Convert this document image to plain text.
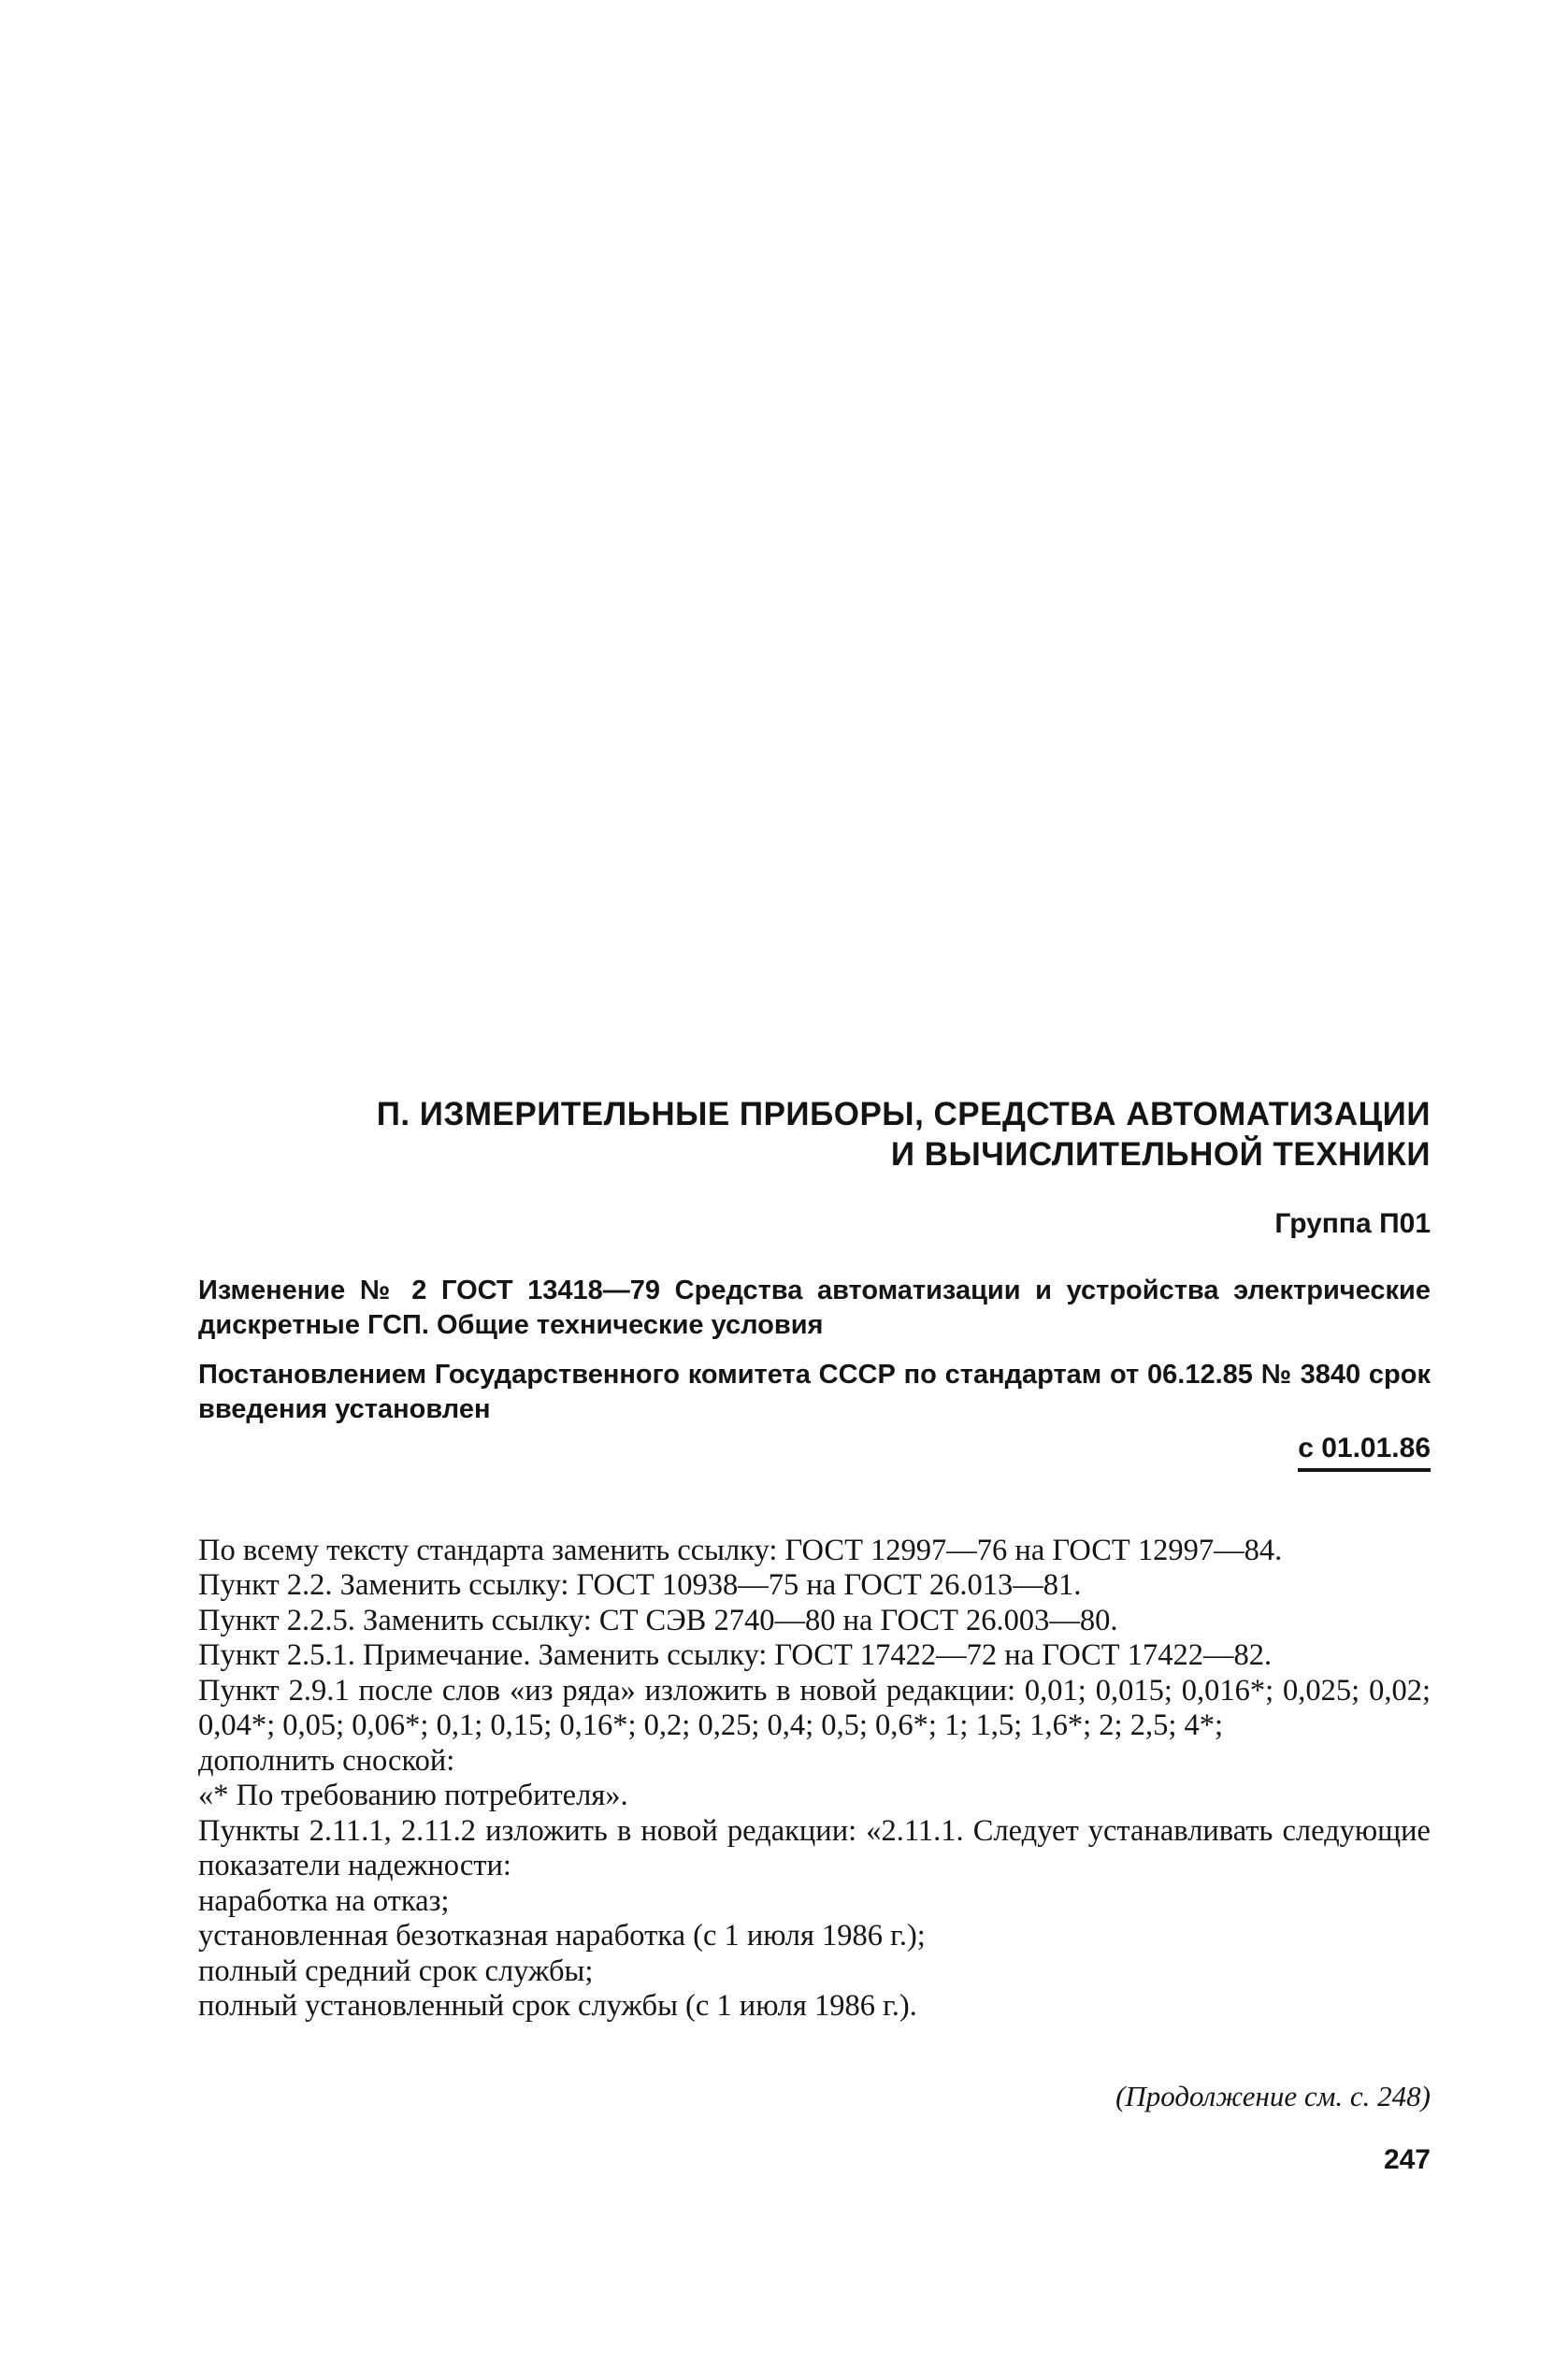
П. ИЗМЕРИТЕЛЬНЫЕ ПРИБОРЫ, СРЕДСТВА АВТОМАТИЗАЦИИ
И ВЫЧИСЛИТЕЛЬНОЙ ТЕХНИКИ
Группа П01
Изменение № 2 ГОСТ 13418—79 Средства автоматизации и устройства электрические дискретные ГСП. Общие технические условия
Постановлением Государственного комитета СССР по стандартам от 06.12.85 № 3840 срок введения установлен
с 01.01.86

По всему тексту стандарта заменить ссылку: ГОСТ 12997—76 на ГОСТ 12997—84.

Пункт 2.2. Заменить ссылку: ГОСТ 10938—75 на ГОСТ 26.013—81.

Пункт 2.2.5. Заменить ссылку: СТ СЭВ 2740—80 на ГОСТ 26.003—80.

Пункт 2.5.1. Примечание. Заменить ссылку: ГОСТ 17422—72 на ГОСТ 17422—82.

Пункт 2.9.1 после слов «из ряда» изложить в новой редакции: 0,01; 0,015; 0,016*; 0,025; 0,02; 0,04*; 0,05; 0,06*; 0,1; 0,15; 0,16*; 0,2; 0,25; 0,4; 0,5; 0,6*; 1; 1,5; 1,6*; 2; 2,5; 4*;

дополнить сноской:

«* По требованию потребителя».

Пункты 2.11.1, 2.11.2 изложить в новой редакции: «2.11.1. Следует устанавливать следующие показатели надежности:

наработка на отказ;

установленная безотказная наработка (с 1 июля 1986 г.);

полный средний срок службы;

полный установленный срок службы (с 1 июля 1986 г.).

(Продолжение см. с. 248)
247
